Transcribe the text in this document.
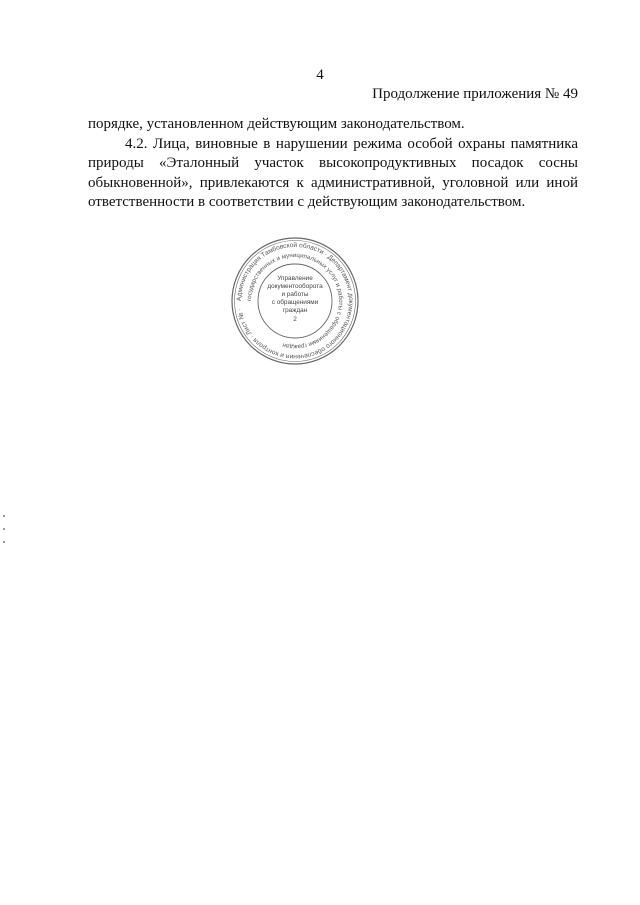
4
Продолжение приложения № 49

порядке, установленном действующим законодательством.

4.2. Лица, виновные в нарушении режима особой охраны памятника природы «Эталонный участок высокопродуктивных посадок сосны обыкновенной», привлекаются к административной, уголовной или иной ответственности в соответствии с действующим законодательством.

Администрация Тамбовской области · Департамент документационного обеспечения и контроля · Лист № ·
государственных и муниципальных услуг и работы с обращениями граждан
Управление
документооборота
и работы
с обращениями
граждан
2
